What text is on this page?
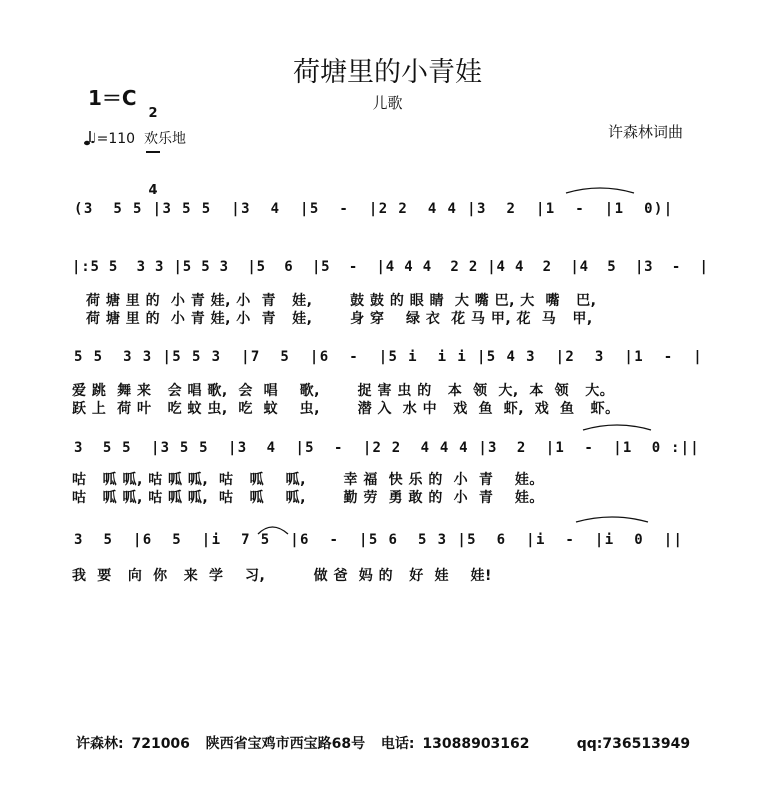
荷塘里的小青娃
儿歌
1＝C

2

4

♩=110  欢乐地	许森林词曲
(3  5 5 |3 5 5  |3  4  |5  -  |2 2  4 4 |3  2  |1  -  |1  0)|
|:5 5  3 3 |5 5 3  |5  6  |5  -  |4 4 4  2 2 |4 4  2  |4  5  |3  -  |
荷 塘 里 的  小 青 娃, 小  青   娃,       鼓 鼓 的 眼 睛  大 嘴 巴, 大  嘴   巴,
荷 塘 里 的  小 青 娃, 小  青   娃,       身 穿    绿 衣  花 马 甲, 花  马   甲,
5 5  3 3 |5 5 3  |7  5  |6  -  |5 i  i i |5 4 3  |2  3  |1  -  |
爱 跳  舞 来   会 唱 歌,  会  唱    歌,       捉 害 虫 的   本  领  大,  本  领   大。
跃 上  荷 叶   吃 蚊 虫,  吃  蚊    虫,       潜 入  水 中   戏  鱼  虾,  戏  鱼   虾。
3  5 5  |3 5 5  |3  4  |5  -  |2 2  4 4 4 |3  2  |1  -  |1  0 :||
咕   呱 呱, 咕 呱 呱,  咕   呱    呱,       幸 福  快 乐 的  小  青    娃。
咕   呱 呱, 咕 呱 呱,  咕   呱    呱,       勤 劳  勇 敢 的  小  青    娃。
3  5  |6  5  |i  7 5  |6  -  |5 6  5 3 |5  6  |i  -  |i  0  ||
我  要   向  你   来  学    习,         做 爸  妈 的   好  娃    娃!
许森林: 721006  陕西省宝鸡市西宝路68号  电话: 13088903162      qq:736513949
